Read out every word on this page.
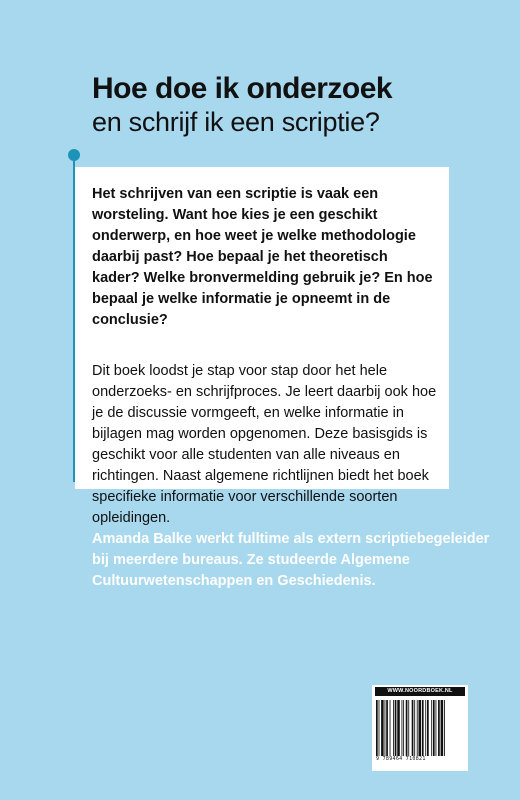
Hoe doe ik onderzoek
en schrijf ik een scriptie?

Het schrijven van een scriptie is vaak een worsteling. Want hoe kies je een geschikt onderwerp, en hoe weet je welke methodologie daarbij past? Hoe bepaal je het theoretisch kader? Welke bronvermelding gebruik je? En hoe bepaal je welke informatie je opneemt in de conclusie?

Dit boek loodst je stap voor stap door het hele onderzoeks- en schrijfproces. Je leert daarbij ook hoe je de discussie vormgeeft, en welke informatie in bijlagen mag worden opgenomen. Deze basisgids is geschikt voor alle studenten van alle niveaus en richtingen. Naast algemene richtlijnen biedt het boek specifieke informatie voor verschillende soorten opleidingen.

Amanda Balke werkt fulltime als extern scriptiebegeleider bij meerdere bureaus. Ze studeerde Algemene Cultuurwetenschappen en Geschiedenis.

WWW.NOORDBOEK.NL
9 789464 710821
